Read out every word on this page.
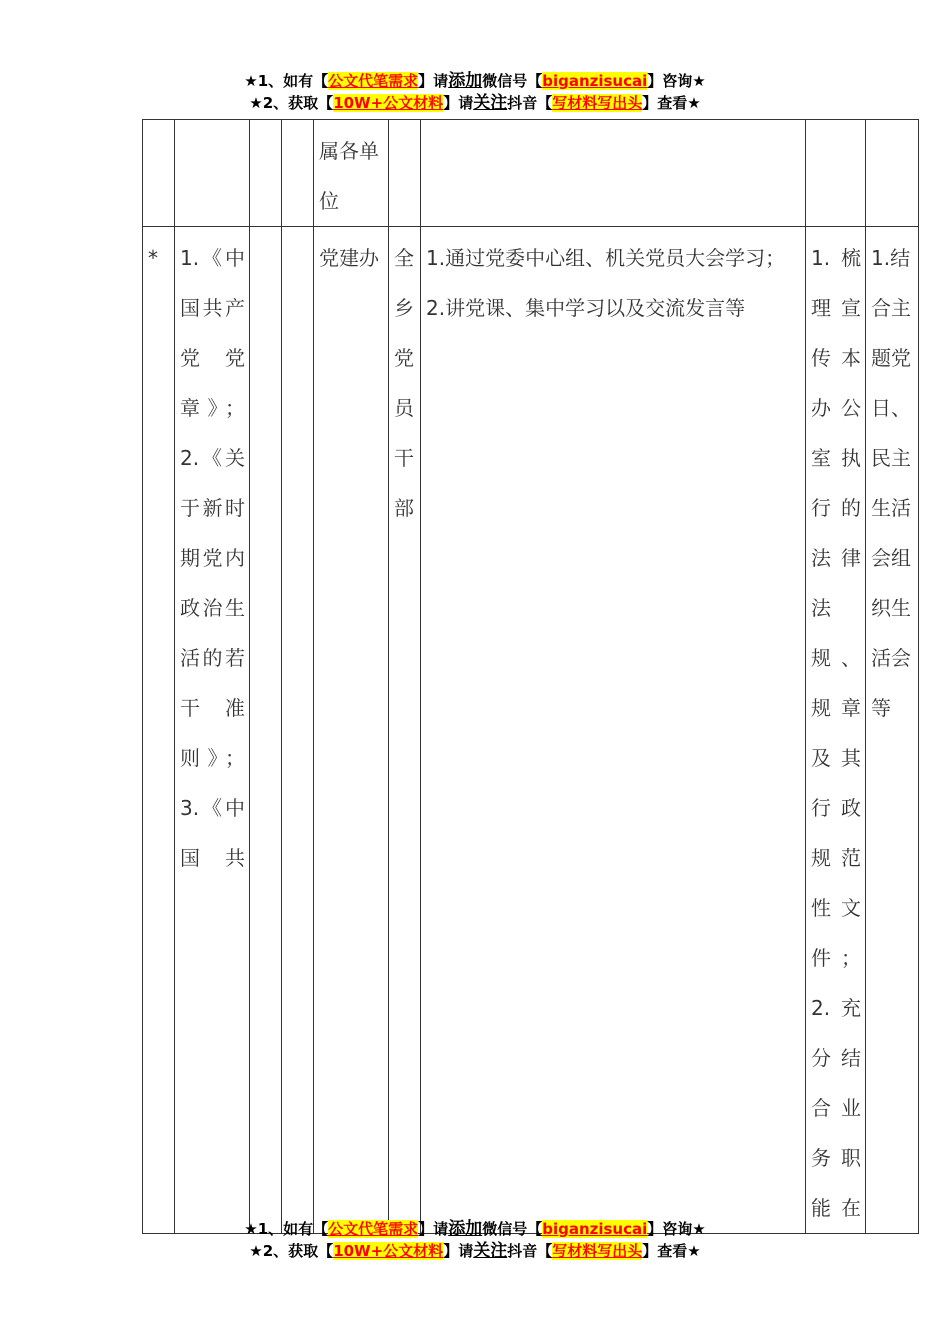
★1、如有【公文代笔需求】请添加微信号【biganzisucai】咨询★
★2、获取【10W+公文材料】请关注抖音【写材料写出头】查看★

				属各单位				

*	1.《中国共产党党章》；2.《关于新时期党内政治生活的若干准则》；3.《中国共			党建办	全乡党员干部	1.通过党委中心组、机关党员大会学习；2.讲党课、集中学习以及交流发言等	1.梳理宣传本办公室执行的法律法规、规章及其行政规范性文件；2.充分结合业务职能在	1.结合主题党日、民主生活会组织生活会等
★1、如有【公文代笔需求】请添加微信号【biganzisucai】咨询★
★2、获取【10W+公文材料】请关注抖音【写材料写出头】查看★
